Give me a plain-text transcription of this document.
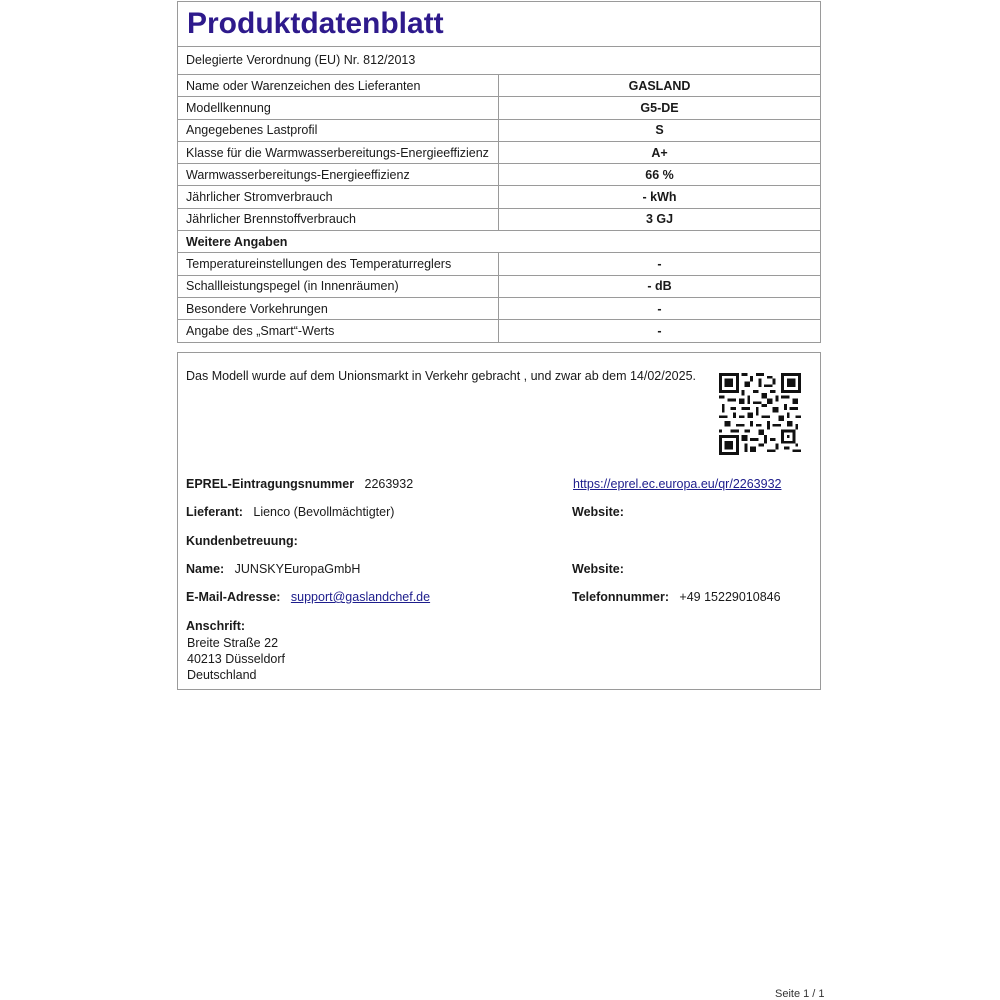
Produktdatenblatt
Delegierte Verordnung (EU) Nr. 812/2013
Name oder Warenzeichen des Lieferanten	GASLAND
Modellkennung	G5-DE
Angegebenes Lastprofil	S
Klasse für die Warmwasserbereitungs-Energieeffizienz	A+
Warmwasserbereitungs-Energieeffizienz	66 %
Jährlicher Stromverbrauch	- kWh
Jährlicher Brennstoffverbrauch	3 GJ
Weitere Angaben	
Temperatureinstellungen des Temperaturreglers	-
Schallleistungspegel (in Innenräumen)	- dB
Besondere Vorkehrungen	-
Angabe des „Smart“-Werts	-
Das Modell wurde auf dem Unionsmarkt in Verkehr gebracht , und zwar ab dem 14/02/2025.
EPREL-Eintragungsnummer 2263932	https://eprel.ec.europa.eu/qr/2263932
Lieferant: Lienco (Bevollmächtigter)	Website:
Kundenbetreuung:
Name: JUNSKYEuropaGmbH	Website:
E-Mail-Adresse: support@gaslandchef.de	Telefonnummer: +49 15229010846
Anschrift:
Breite Straße 22
40213 Düsseldorf
Deutschland
Seite 1 / 1
